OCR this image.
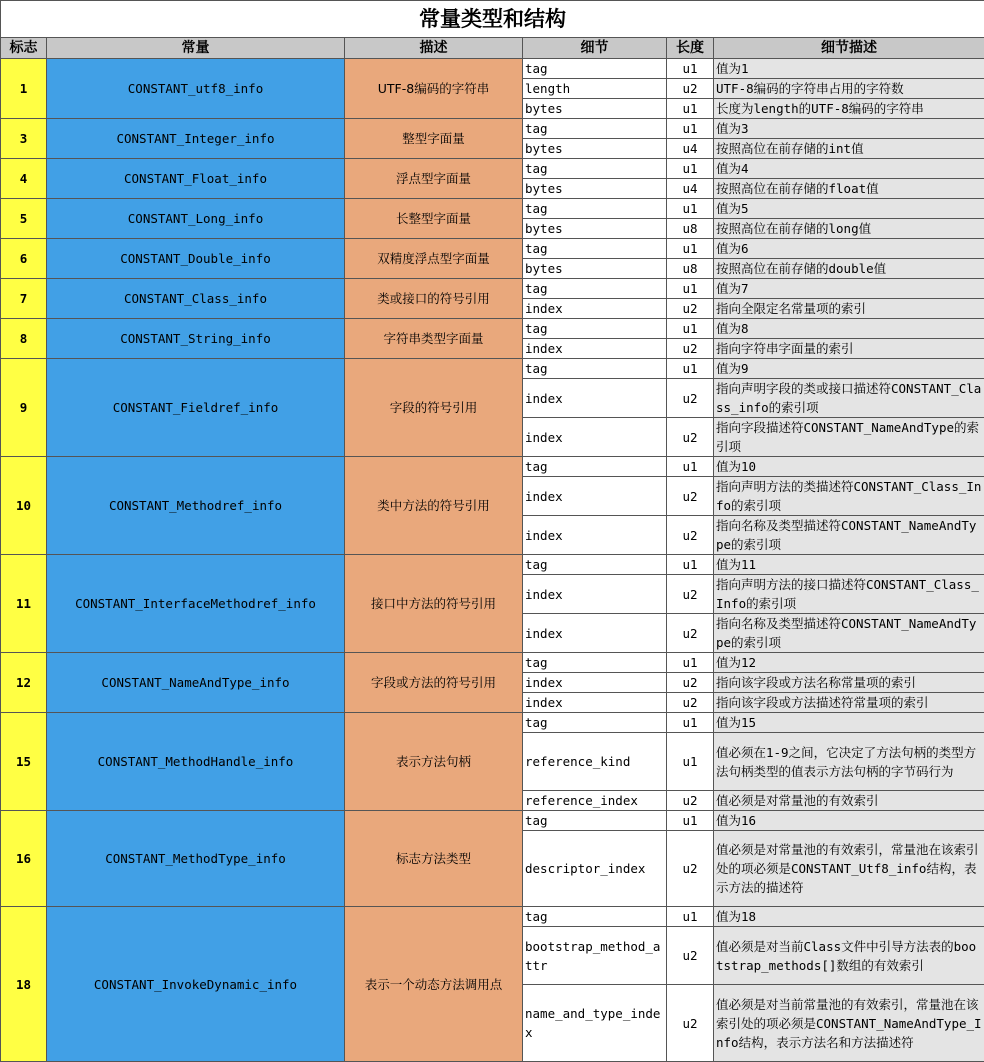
常量类型和结构					
标志	常量	描述	细节	长度	细节描述
1	CONSTANT_utf8_info	UTF-8编码的字符串	tag	u1	值为1
			length	u2	UTF-8编码的字符串占用的字符数
			bytes	u1	长度为length的UTF-8编码的字符串
3	CONSTANT_Integer_info	整型字面量	tag	u1	值为3
			bytes	u4	按照高位在前存储的int值
4	CONSTANT_Float_info	浮点型字面量	tag	u1	值为4
			bytes	u4	按照高位在前存储的float值
5	CONSTANT_Long_info	长整型字面量	tag	u1	值为5
			bytes	u8	按照高位在前存储的long值
6	CONSTANT_Double_info	双精度浮点型字面量	tag	u1	值为6
			bytes	u8	按照高位在前存储的double值
7	CONSTANT_Class_info	类或接口的符号引用	tag	u1	值为7
			index	u2	指向全限定名常量项的索引
8	CONSTANT_String_info	字符串类型字面量	tag	u1	值为8
			index	u2	指向字符串字面量的索引
9	CONSTANT_Fieldref_info	字段的符号引用	tag	u1	值为9
			index	u2	指向声明字段的类或接口描述符CONSTANT_Class_info的索引项
			index	u2	指向字段描述符CONSTANT_NameAndType的索引项
10	CONSTANT_Methodref_info	类中方法的符号引用	tag	u1	值为10
			index	u2	指向声明方法的类描述符CONSTANT_Class_Info的索引项
			index	u2	指向名称及类型描述符CONSTANT_NameAndType的索引项
11	CONSTANT_InterfaceMethodref_info	接口中方法的符号引用	tag	u1	值为11
			index	u2	指向声明方法的接口描述符CONSTANT_Class_Info的索引项
			index	u2	指向名称及类型描述符CONSTANT_NameAndType的索引项
12	CONSTANT_NameAndType_info	字段或方法的符号引用	tag	u1	值为12
			index	u2	指向该字段或方法名称常量项的索引
			index	u2	指向该字段或方法描述符常量项的索引
15	CONSTANT_MethodHandle_info	表示方法句柄	tag	u1	值为15
			reference_kind	u1	值必须在1-9之间，它决定了方法句柄的类型方法句柄类型的值表示方法句柄的字节码行为
			reference_index	u2	值必须是对常量池的有效索引
16	CONSTANT_MethodType_info	标志方法类型	tag	u1	值为16
			descriptor_index	u2	值必须是对常量池的有效索引，常量池在该索引处的项必须是CONSTANT_Utf8_info结构，表示方法的描述符
18	CONSTANT_InvokeDynamic_info	表示一个动态方法调用点	tag	u1	值为18
			bootstrap_method_attr	u2	值必须是对当前Class文件中引导方法表的bootstrap_methods[]数组的有效索引
			name_and_type_index	u2	值必须是对当前常量池的有效索引，常量池在该索引处的项必须是CONSTANT_NameAndType_Info结构，表示方法名和方法描述符
